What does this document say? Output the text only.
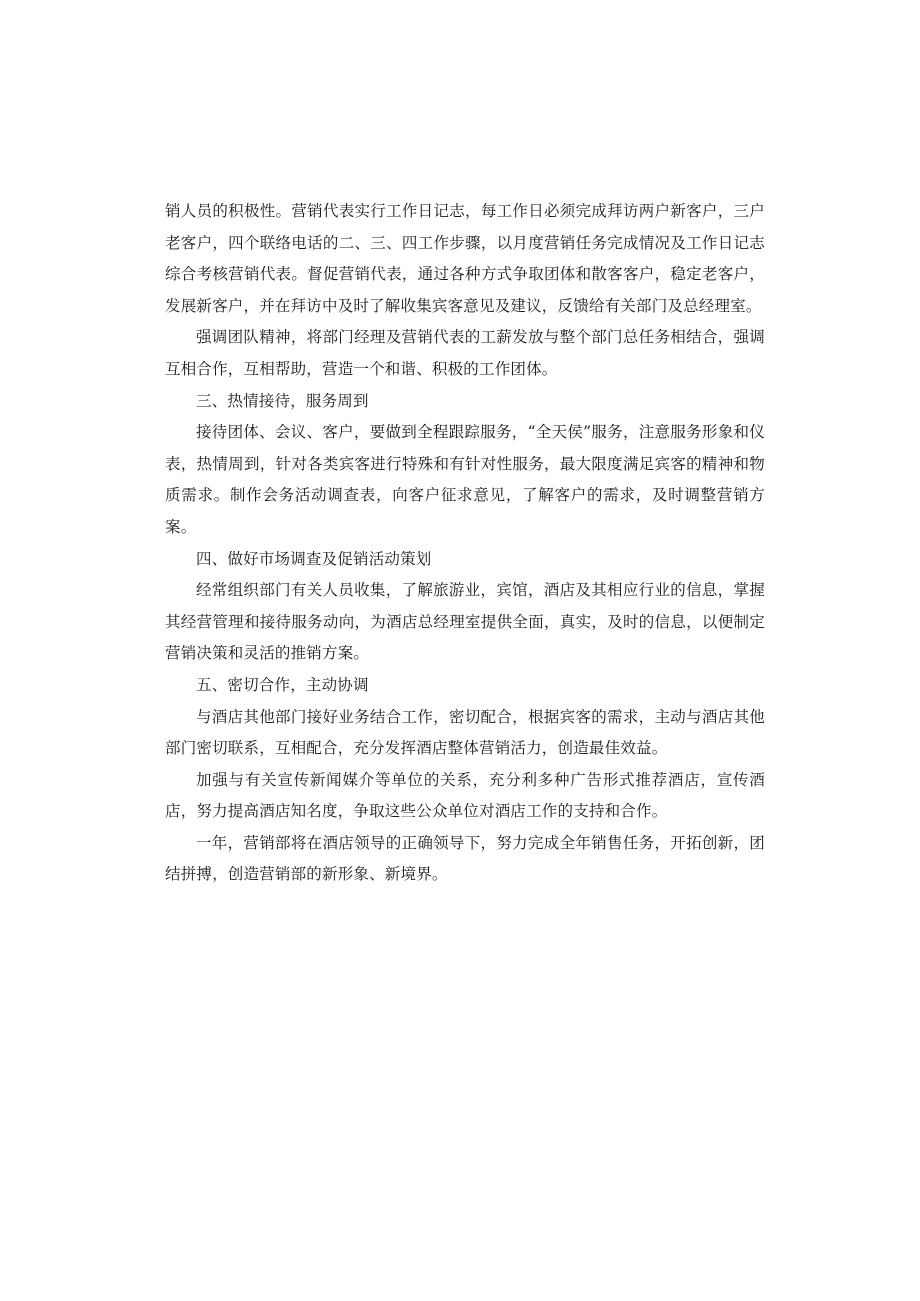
销人员的积极性。营销代表实行工作日记志，每工作日必须完成拜访两户新客户，三户老客户，四个联络电话的二、三、四工作步骤，以月度营销任务完成情况及工作日记志综合考核营销代表。督促营销代表，通过各种方式争取团体和散客客户，稳定老客户，发展新客户，并在拜访中及时了解收集宾客意见及建议，反馈给有关部门及总经理室。

强调团队精神，将部门经理及营销代表的工薪发放与整个部门总任务相结合，强调互相合作，互相帮助，营造一个和谐、积极的工作团体。

三、热情接待，服务周到

接待团体、会议、客户，要做到全程跟踪服务，“全天侯”服务，注意服务形象和仪表，热情周到，针对各类宾客进行特殊和有针对性服务，最大限度满足宾客的精神和物质需求。制作会务活动调查表，向客户征求意见，了解客户的需求，及时调整营销方案。

四、做好市场调查及促销活动策划

经常组织部门有关人员收集，了解旅游业，宾馆，酒店及其相应行业的信息，掌握其经营管理和接待服务动向，为酒店总经理室提供全面，真实，及时的信息，以便制定营销决策和灵活的推销方案。

五、密切合作，主动协调

与酒店其他部门接好业务结合工作，密切配合，根据宾客的需求，主动与酒店其他部门密切联系，互相配合，充分发挥酒店整体营销活力，创造最佳效益。

加强与有关宣传新闻媒介等单位的关系，充分利多种广告形式推荐酒店，宣传酒店，努力提高酒店知名度，争取这些公众单位对酒店工作的支持和合作。

一年，营销部将在酒店领导的正确领导下，努力完成全年销售任务，开拓创新，团结拼搏，创造营销部的新形象、新境界。
